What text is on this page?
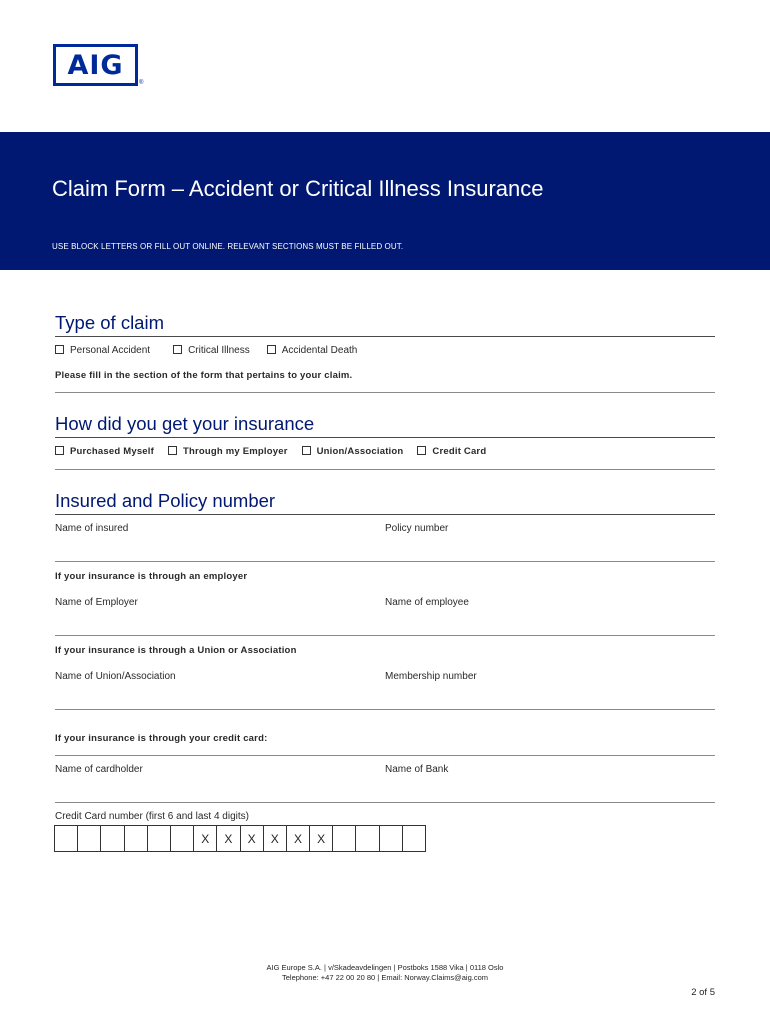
AIG
®
Claim Form – Accident or Critical Illness Insurance
USE BLOCK LETTERS OR FILL OUT ONLINE. RELEVANT SECTIONS MUST BE FILLED OUT.
Type of claim
Personal Accident	Critical Illness	Accidental Death
Please fill in the section of the form that pertains to your claim.
How did you get your insurance
Purchased Myself	Through my Employer	Union/Association	Credit Card
Insured and Policy number
Name of insured	Policy number
If your insurance is through an employer
Name of Employer	Name of employee
If your insurance is through a Union or Association
Name of Union/Association	Membership number
If your insurance is through your credit card:
Name of cardholder	Name of Bank
Credit Card number (first 6 and last 4 digits)
X	X	X	X	X	X
AIG Europe S.A. | v/Skadeavdelingen | Postboks 1588 Vika | 0118 Oslo
Telephone: +47 22 00 20 80 | Email: Norway.Claims@aig.com
2 of 5
